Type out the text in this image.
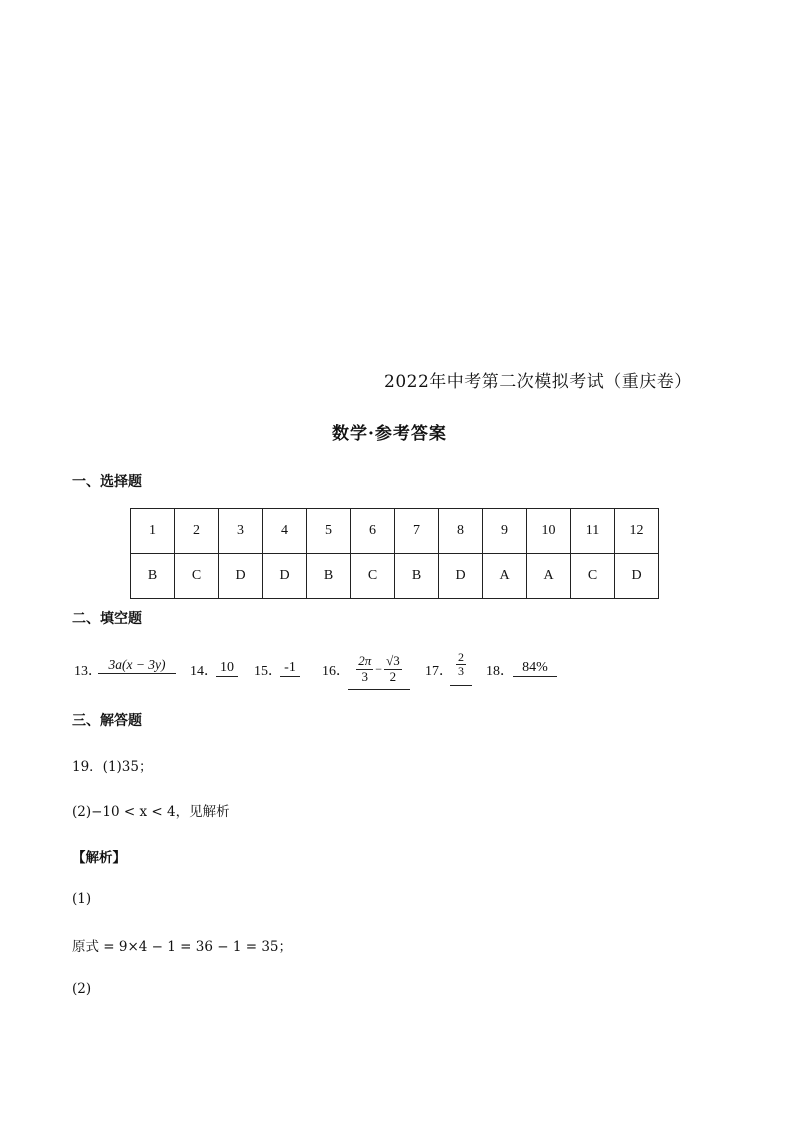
2022年中考第二次模拟考试（重庆卷）
数学·参考答案
一、选择题
1	2	3	4	5	6	7	8	9	10	11	12
B	C	D	D	B	C	B	D	A	A	C	D
二、填空题
13． 3a(x − 3y)	14． 10 15． -1 16． $\frac{2\pi}{3} - \frac{√3}{2} 17$． $\frac{2}{3} 18$． 84%
三、解答题
19．(1)35；
(2)−10 < x < 4，见解析
【解析】
(1)
原式 = 9×4 − 1 = 36 − 1 = 35；
(2)
